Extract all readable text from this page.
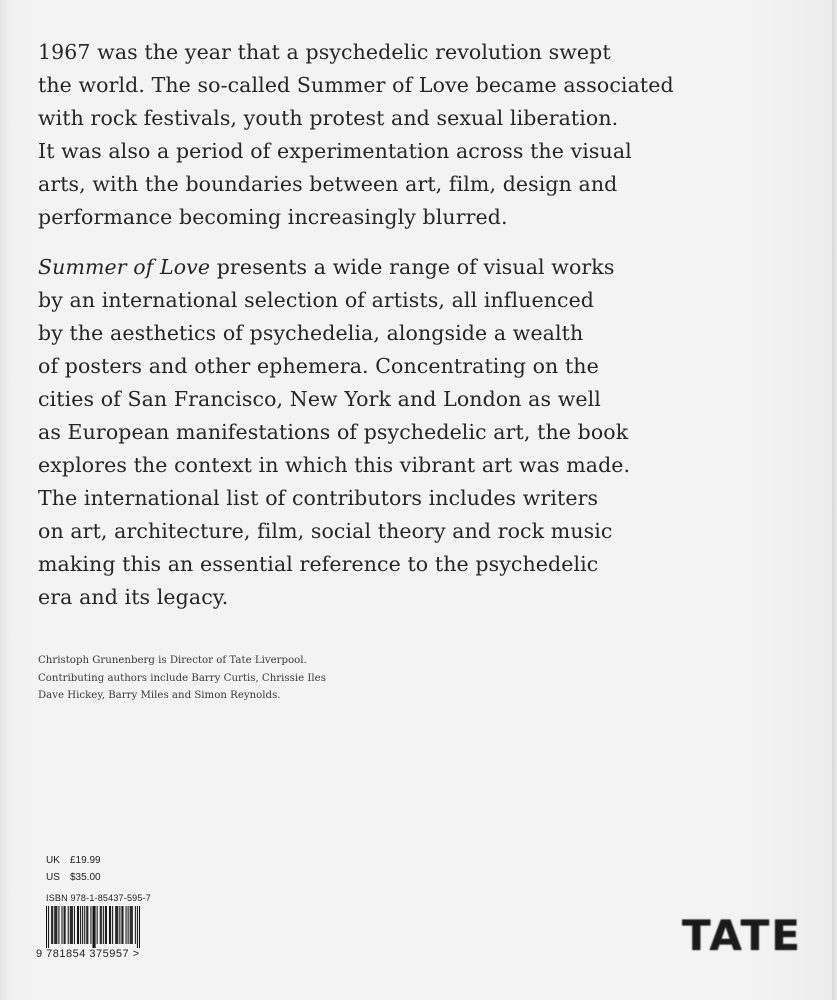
1967 was the year that a psychedelic revolution swept
the world. The so-called Summer of Love became associated
with rock festivals, youth protest and sexual liberation.
It was also a period of experimentation across the visual
arts, with the boundaries between art, film, design and
performance becoming increasingly blurred.

Summer of Love presents a wide range of visual works
by an international selection of artists, all influenced
by the aesthetics of psychedelia, alongside a wealth
of posters and other ephemera. Concentrating on the
cities of San Francisco, New York and London as well
as European manifestations of psychedelic art, the book
explores the context in which this vibrant art was made.
The international list of contributors includes writers
on art, architecture, film, social theory and rock music
making this an essential reference to the psychedelic
era and its legacy.

Christoph Grunenberg is Director of Tate Liverpool.
Contributing authors include Barry Curtis, Chrissie Iles
Dave Hickey, Barry Miles and Simon Reynolds.
UK	£19.99
US	$35.00
ISBN 978-1-85437-595-7
9 781854 375957 >	TATE
